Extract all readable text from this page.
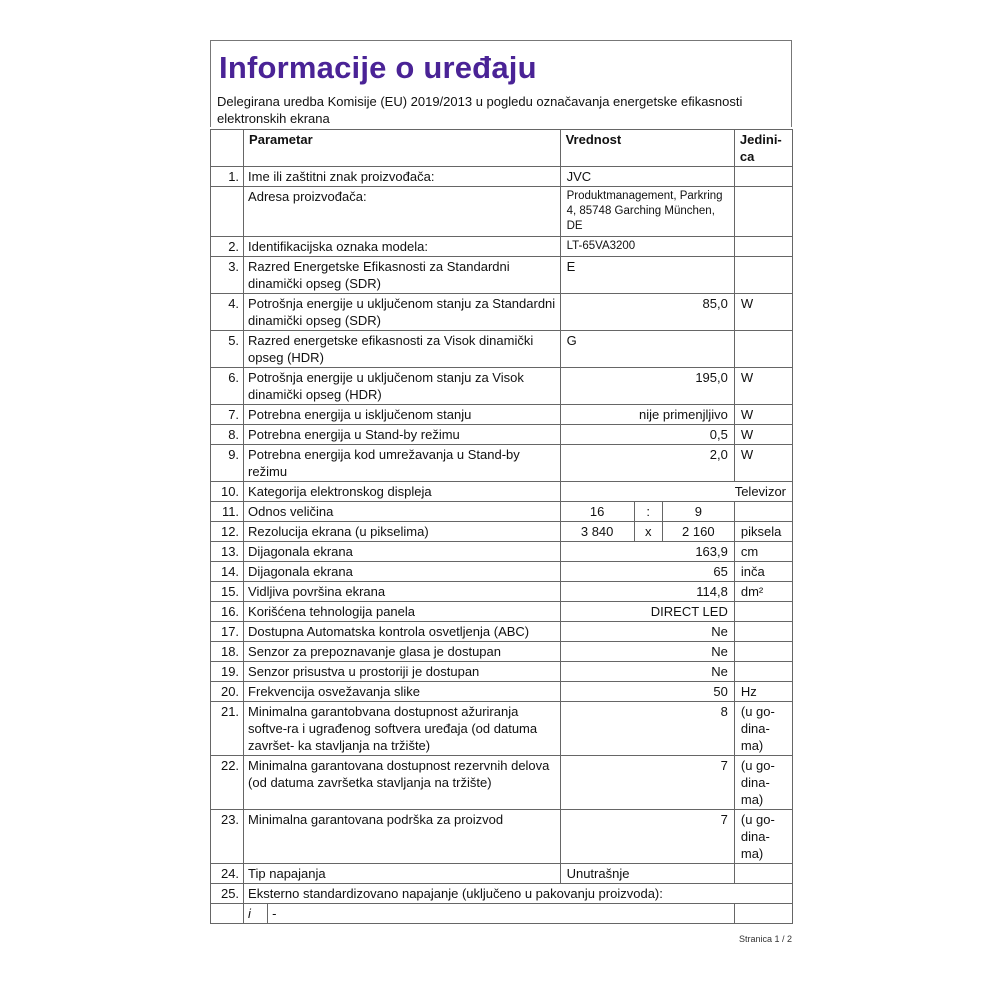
Informacije o uređaju
Delegirana uredba Komisije (EU) 2019/2013 u pogledu označavanja energetske efikasnosti elektronskih ekrana
	Parametar		Vrednost			Jedini-ca
1.	Ime ili zaštitni znak proizvođača:		JVC			
	Adresa proizvođača:		Produktmanagement, Parkring 4, 85748 Garching München, DE			
2.	Identifikacijska oznaka modela:		LT-65VA3200			
3.	Razred Energetske Efikasnosti za Standardni dinamički opseg (SDR)		E			
4.	Potrošnja energije u uključenom stanju za Standardni dinamički opseg (SDR)		85,0			W
5.	Razred energetske efikasnosti za Visok dinamički opseg (HDR)		G			
6.	Potrošnja energije u uključenom stanju za Visok dinamički opseg (HDR)		195,0			W
7.	Potrebna energija u isključenom stanju		nije primenjljivo			W
8.	Potrebna energija u Stand-by režimu		0,5			W
9.	Potrebna energija kod umrežavanja u Stand-by režimu		2,0			W
10.	Kategorija elektronskog displeja		Televizor			
11.	Odnos veličina		16	:	9	
12.	Rezolucija ekrana (u pikselima)		3 840	x	2 160	piksela
13.	Dijagonala ekrana		163,9			cm
14.	Dijagonala ekrana		65			inča
15.	Vidljiva površina ekrana		114,8			dm²
16.	Korišćena tehnologija panela		DIRECT LED			
17.	Dostupna Automatska kontrola osvetljenja (ABC)		Ne			
18.	Senzor za prepoznavanje glasa je dostupan		Ne			
19.	Senzor prisustva u prostoriji je dostupan		Ne			
20.	Frekvencija osvežavanja slike		50			Hz
21.	Minimalna garantobvana dostupnost ažuriranja softve-ra i ugrađenog softvera uređaja (od datuma završet- ka stavljanja na tržište)		8			(u go-dina-ma)
22.	Minimalna garantovana dostupnost rezervnih delova (od datuma završetka stavljanja na tržište)		7			(u go-dina-ma)
23.	Minimalna garantovana podrška za proizvod		7			(u go-dina-ma)
24.	Tip napajanja		Unutrašnje			
25.	Eksterno standardizovano napajanje (uključeno u pakovanju proizvoda):					
	i	-				
Stranica 1 / 2
